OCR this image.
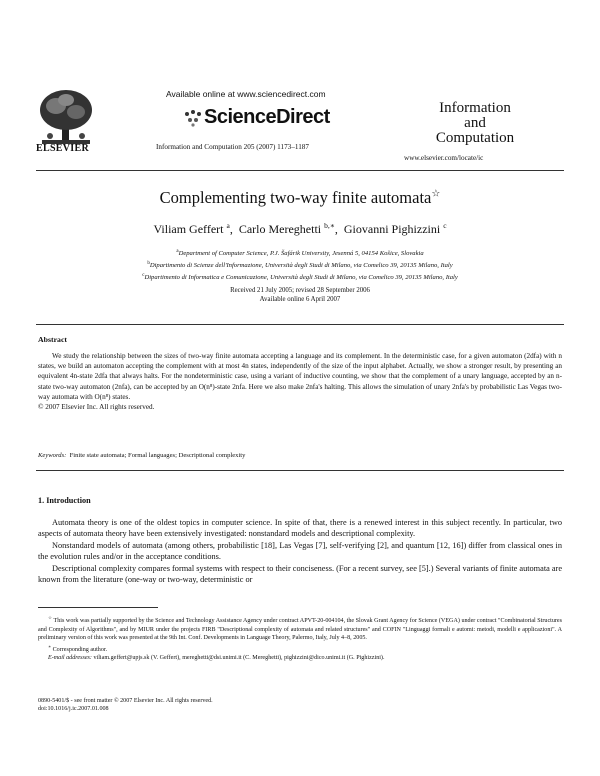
ELSEVIER
Available online at www.sciencedirect.com
ScienceDirect
Information and Computation 205 (2007) 1173–1187
Information
and
Computation
www.elsevier.com/locate/ic
Complementing two-way finite automata☆
Viliam Geffert $^a$,  Carlo Mereghetti $^{b,∗}$,  Giovanni Pighizzini $^c$
$^a$Department of Computer Science, P.J. Šafárik University, Jesenná 5, 04154 Košice, Slovakia
$^b$Dipartimento di Scienze dell'Informazione, Università degli Studi di Milano, via Comelico 39, 20135 Milano, Italy
$^c$Dipartimento di Informatica e Comunicazione, Università degli Studi di Milano, via Comelico 39, 20135 Milano, Italy
Received 21 July 2005; revised 28 September 2006
Available online 6 April 2007
Abstract

We study the relationship between the sizes of two-way finite automata accepting a language and its complement. In the deterministic case, for a given automaton (2dfa) with n states, we build an automaton accepting the complement with at most 4n states, independently of the size of the input alphabet. Actually, we show a stronger result, by presenting an equivalent 4n-state 2dfa that always halts. For the nondeterministic case, using a variant of inductive counting, we show that the complement of a unary language, accepted by an n-state two-way automaton (2nfa), can be accepted by an O(n⁸)-state 2nfa. Here we also make 2nfa's halting. This allows the simulation of unary 2nfa's by probabilistic Las Vegas two-way automata with O(n⁸) states.

© 2007 Elsevier Inc. All rights reserved.
Keywords: Finite state automata; Formal languages; Descriptional complexity
1. Introduction

Automata theory is one of the oldest topics in computer science. In spite of that, there is a renewed interest in this subject recently. In particular, two aspects of automata theory have been extensively investigated: nonstandard models and descriptional complexity.

Nonstandard models of automata (among others, probabilistic [18], Las Vegas [7], self-verifying [2], and quantum [12, 16]) differ from classical ones in the evolution rules and/or in the acceptance conditions.

Descriptional complexity compares formal systems with respect to their conciseness. (For a recent survey, see [5].) Several variants of finite automata are known from the literature (one-way or two-way, deterministic or

☆ This work was partially supported by the Science and Technology Assistance Agency under contract APVT-20-004104, the Slovak Grant Agency for Science (VEGA) under contract "Combinatorial Structures and Complexity of Algorithms", and by MIUR under the projects FIRB "Descriptional complexity of automata and related structures" and COFIN "Linguaggi formali e automi: metodi, modelli e applicazioni". A preliminary version of this work was presented at the 9th Int. Conf. Developments in Language Theory, Palermo, Italy, July 4–8, 2005.

∗ Corresponding author.

E-mail addresses: viliam.geffert@upjs.sk (V. Geffert), mereghetti@dsi.unimi.it (C. Mereghetti), pighizzini@dico.unimi.it (G. Pighizzini).

0890-5401/$ - see front matter © 2007 Elsevier Inc. All rights reserved.
doi:10.1016/j.ic.2007.01.008
